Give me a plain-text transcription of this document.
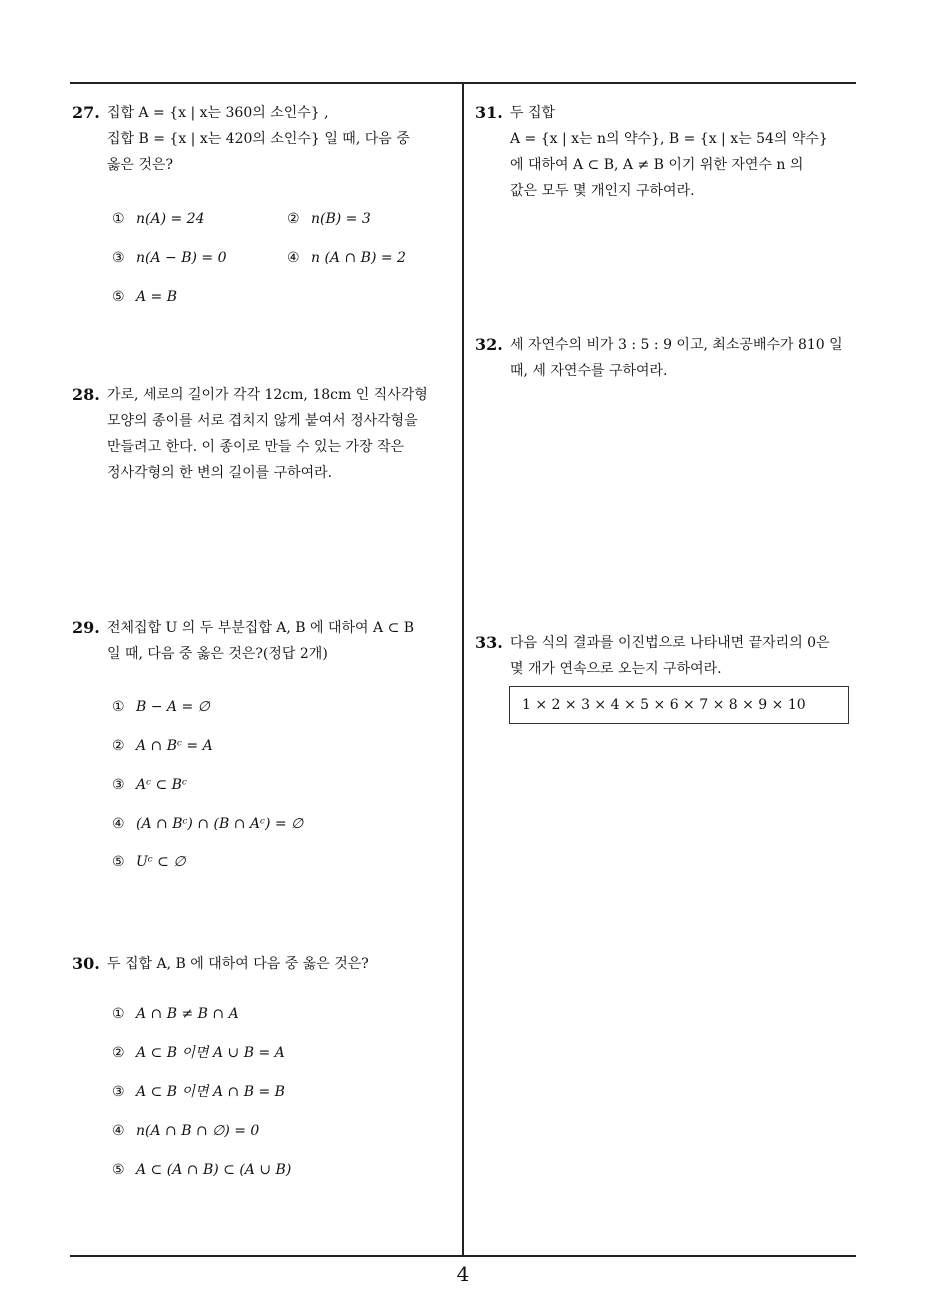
27. 집합 A = {x | x는 360의 소인수} ,
집합 B = {x | x는 420의 소인수} 일 때, 다음 중
옳은 것은?
① n(A) = 24	② n(B) = 3
③ n(A − B) = 0	④ n (A ∩ B) = 2
⑤ A = B
28. 가로, 세로의 길이가 각각 12cm, 18cm 인 직사각형
모양의 종이를 서로 겹치지 않게 붙여서 정사각형을
만들려고 한다. 이 종이로 만들 수 있는 가장 작은
정사각형의 한 변의 길이를 구하여라.
29. 전체집합 U 의 두 부분집합 A, B 에 대하여 A ⊂ B
일 때, 다음 중 옳은 것은?(정답 2개)
① B − A = ∅
② A ∩ Bᶜ = A
③ Aᶜ ⊂ Bᶜ
④ (A ∩ Bᶜ) ∩ (B ∩ Aᶜ) = ∅
⑤ Uᶜ ⊂ ∅
30. 두 집합 A, B 에 대하여 다음 중 옳은 것은?
① A ∩ B ≠ B ∩ A
② A ⊂ B 이면 A ∪ B = A
③ A ⊂ B 이면 A ∩ B = B
④ n(A ∩ B ∩ ∅) = 0
⑤ A ⊂ (A ∩ B) ⊂ (A ∪ B)
31. 두 집합
A = {x | x는 n의 약수}, B = {x | x는 54의 약수}
에 대하여 A ⊂ B, A ≠ B 이기 위한 자연수 n 의
값은 모두 몇 개인지 구하여라.
32. 세 자연수의 비가 3 : 5 : 9 이고, 최소공배수가 810 일
때, 세 자연수를 구하여라.
33. 다음 식의 결과를 이진법으로 나타내면 끝자리의 0은
몇 개가 연속으로 오는지 구하여라.
1 × 2 × 3 × 4 × 5 × 6 × 7 × 8 × 9 × 10
4
